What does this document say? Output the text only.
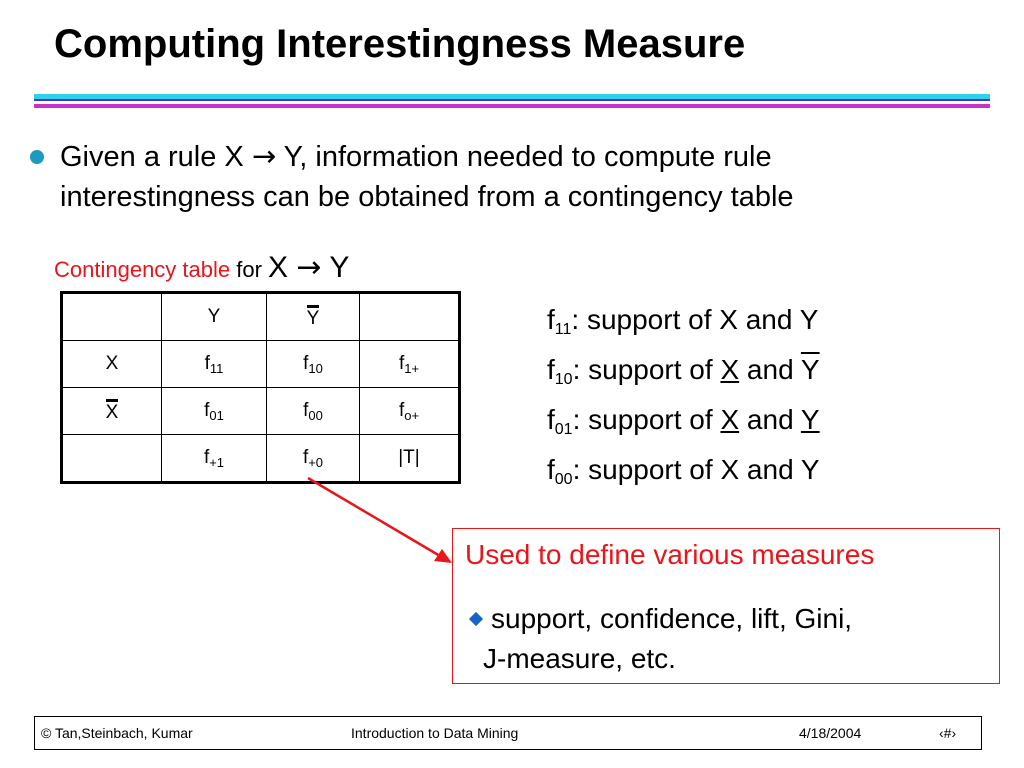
Computing Interestingness Measure
Given a rule X → Y, information needed to compute rule
interestingness can be obtained from a contingency table
Contingency table for X → Y
	Y	Y	
X	$f_{11}$	$f_{10}$	$f_{1+}$
X	$f_{01}$	$f_{00}$	$f_{o+}$
	$f_{+1}$	$f_{+0}$	|T|
$f_{11}$: support of X and Y
$f_{10}$: support of X and $\overline{Y}$
$f_{01}$: support of X and Y
$f_{00}$: support of X and Y
Used to define various measures
support, confidence, lift, Gini,
J-measure, etc.
© Tan,Steinbach, Kumar	Introduction to Data Mining	4/18/2004	‹#›
